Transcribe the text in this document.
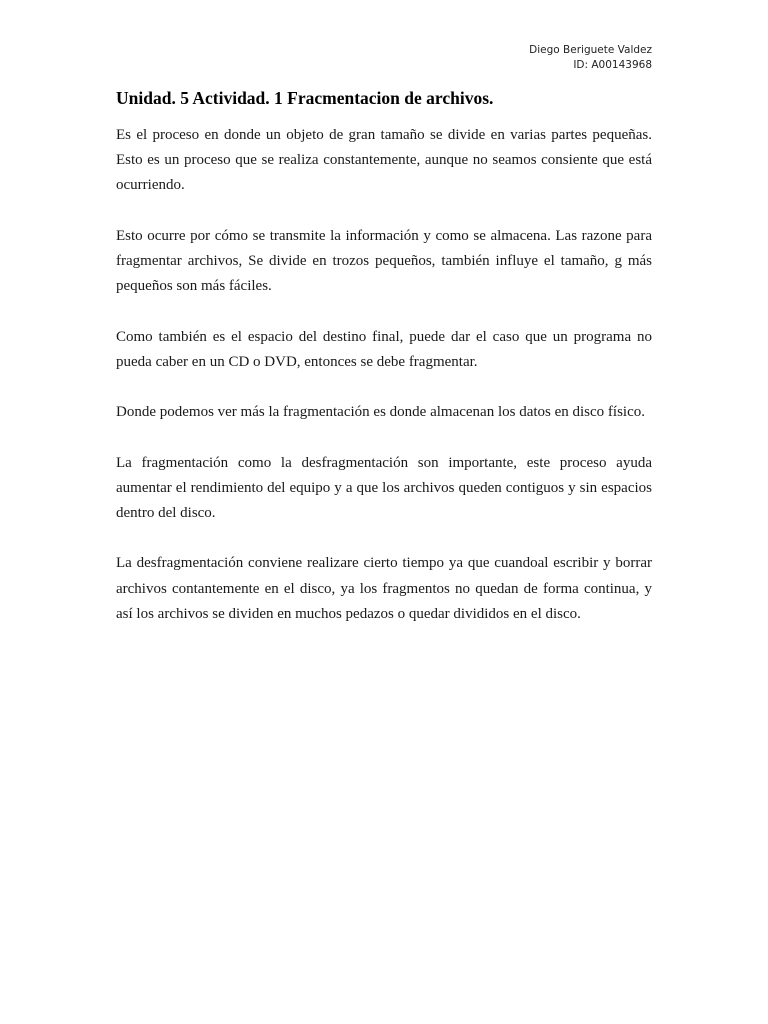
Diego Beriguete Valdez
ID: A00143968
Unidad. 5 Actividad. 1 Fracmentacion de archivos.

Es el proceso en donde un objeto de gran tamaño se divide en varias partes pequeñas. Esto es un proceso que se realiza constantemente, aunque no seamos consiente que está ocurriendo.

Esto ocurre por cómo se transmite la información y como se almacena. Las razone para fragmentar archivos, Se divide en trozos pequeños, también influye el tamaño, g más pequeños son más fáciles.

Como también es el espacio del destino final, puede dar el caso que un programa no pueda caber en un CD o DVD, entonces se debe fragmentar.

Donde podemos ver más la fragmentación es donde almacenan los datos en disco físico.

La fragmentación como la desfragmentación son importante, este proceso ayuda aumentar el rendimiento del equipo y a que los archivos queden contiguos y sin espacios dentro del disco.

La desfragmentación conviene realizare cierto tiempo ya que cuandoal escribir y borrar archivos contantemente en el disco, ya los fragmentos no quedan de forma continua, y así los archivos se dividen en muchos pedazos o quedar divididos en el disco.
